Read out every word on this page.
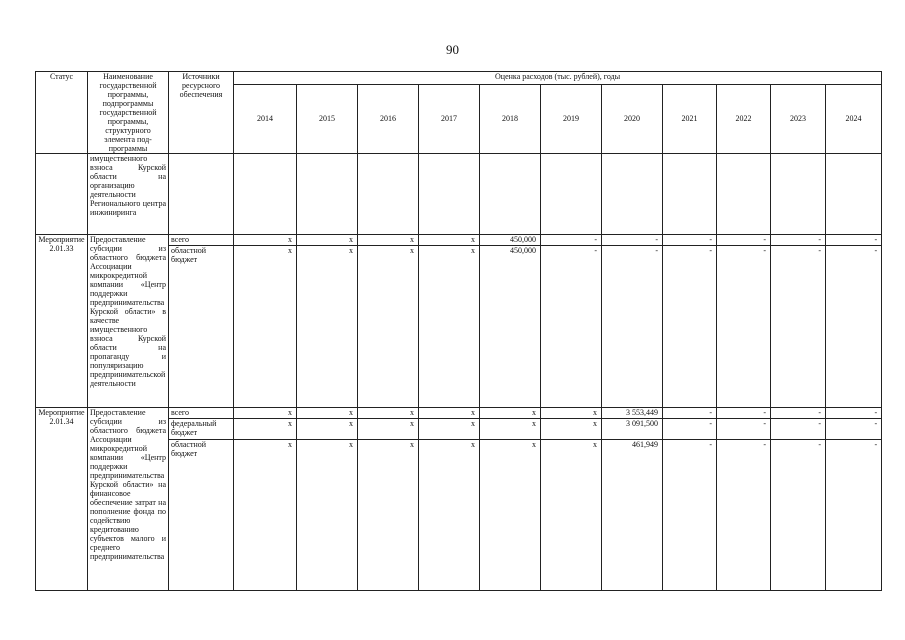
90
Статус	Наименование государственной программы, подпрограммы государственной программы, структурного элемента под-программы	Источники ресурсного обеспечения	Оценка расходов (тыс. рублей), годы										
			2014	2015	2016	2017	2018	2019	2020	2021	2022	2023	2024
	имущественного взноса Курской области на организацию деятельности Регионального центра инжиниринга												
Мероприятие 2.01.33	Предоставление субсидии из областного бюджета Ассоциации микрокредитной компании «Центр поддержки предпринимательства Курской области» в качестве имущественного взноса Курской области на пропаганду и популяризацию предпринимательской деятельности	всего	x	x	x	x	450,000	-	-	-	-	-	-
		областной бюджет	x	x	x	x	450,000	-	-	-	-	-	-
Мероприятие 2.01.34	Предоставление субсидии из областного бюджета Ассоциации микрокредитной компании «Центр поддержки предпринимательства Курской области» на финансовое обеспечение затрат на пополнение фонда по содействию кредитованию субъектов малого и среднего предпринимательства	всего	x	x	x	x	x	x	3 553,449	-	-	-	-
		федеральный бюджет	x	x	x	x	x	x	3 091,500	-	-	-	-
		областной бюджет	x	x	x	x	x	x	461,949	-	-	-	-
